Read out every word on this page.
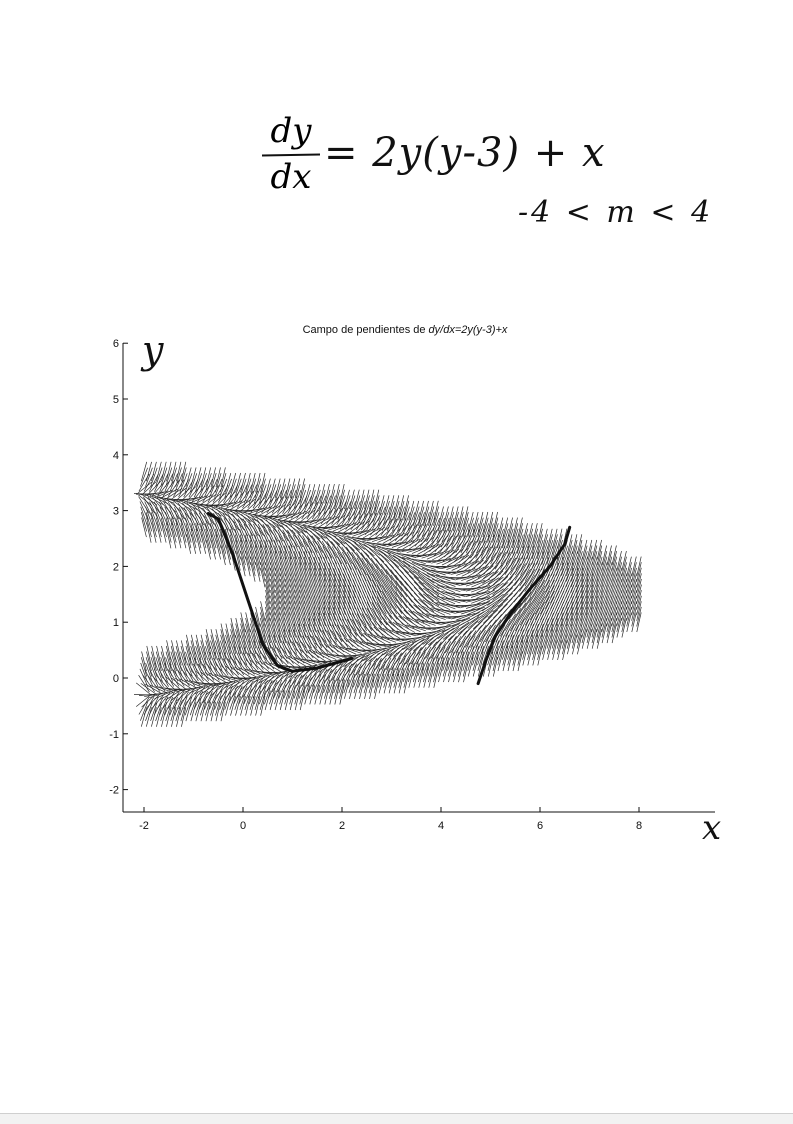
dy
dx
= 2y(y-3) + x
-4 < m < 4
y
x
Campo de pendientes de dy/dx=2y(y-3)+x
-2	0	2	4	6	8
-2
-1
0
1
2
3
4
5
6
